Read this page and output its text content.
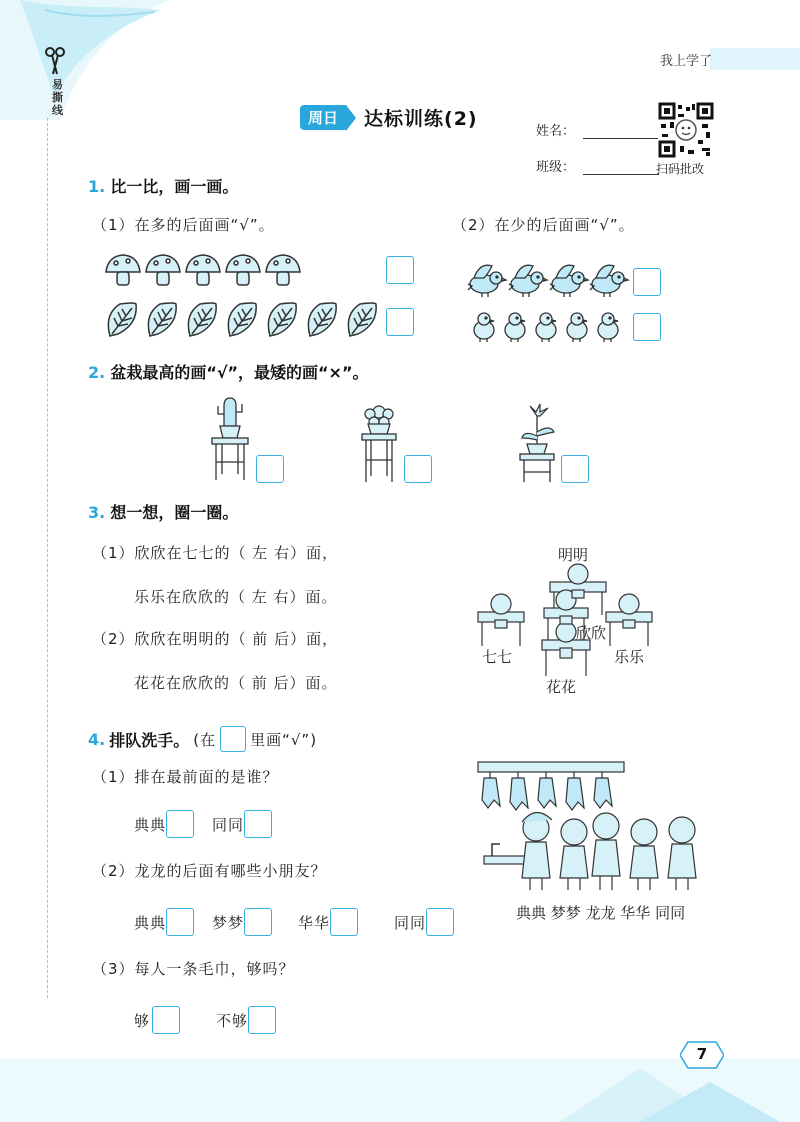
易撕线
我上学了
周日	达标训练(2)
姓名：
班级：	扫码批改
1. 比一比，画一画。
（1）在多的后面画“√”。	（2）在少的后面画“√”。
2. 盆栽最高的画“√”，最矮的画“×”。
3. 想一想，圈一圈。
（1）欣欣在七七的（ 左 右）面，
乐乐在欣欣的（ 左 右）面。
（2）欣欣在明明的（ 前 后）面，
花花在欣欣的（ 前 后）面。
明明
欣欣
七七	乐乐
花花
4. 排队洗手。 (在 里画“√”)
（1）排在最前面的是谁？
典典	同同
（2）龙龙的后面有哪些小朋友？
典典	梦梦	华华	同同
（3）每人一条毛巾，够吗？
够	不够
典典 梦梦 龙龙 华华 同同
7
